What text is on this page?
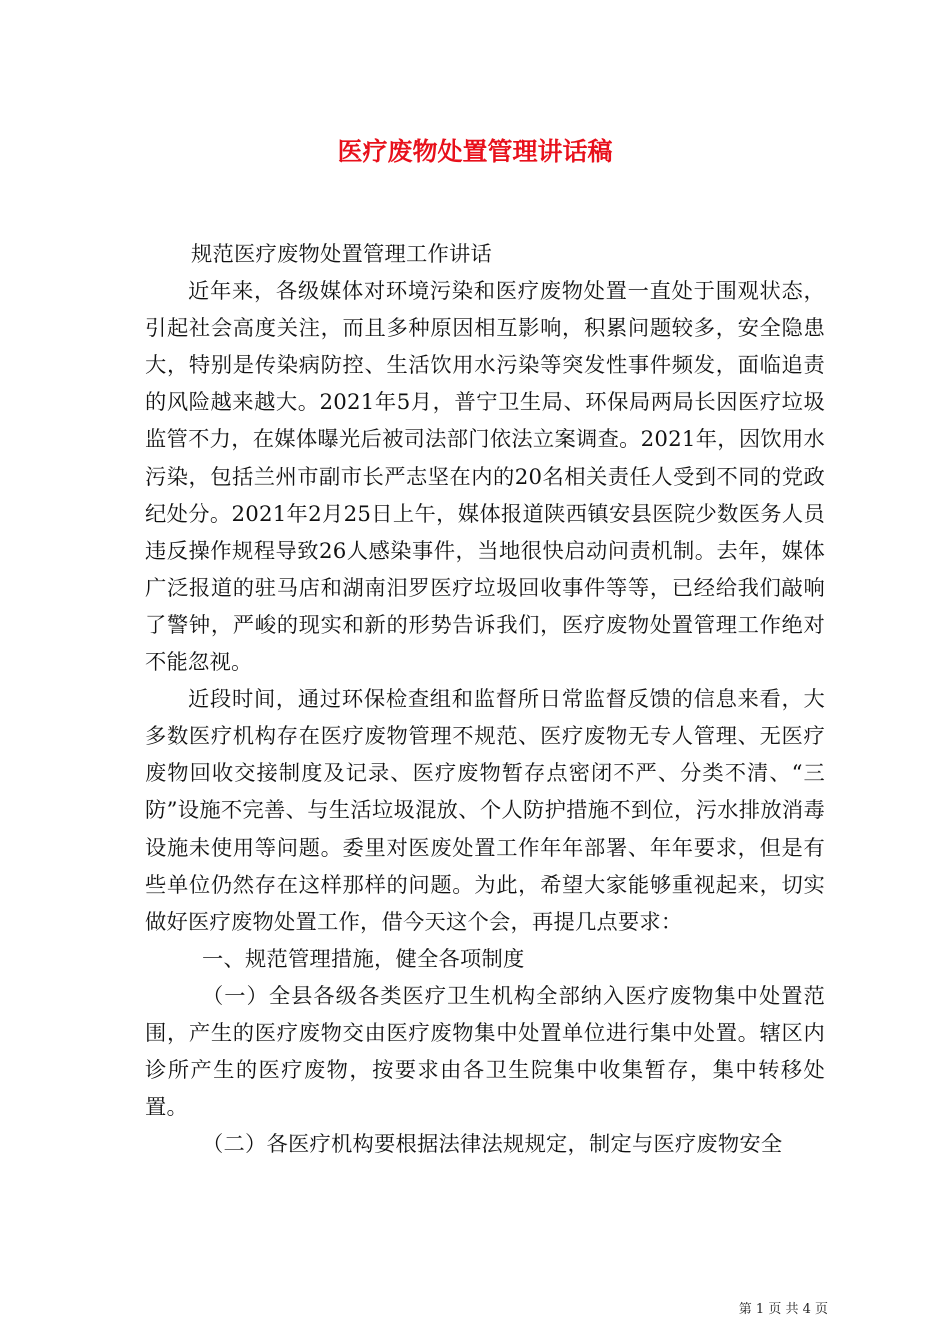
医疗废物处置管理讲话稿

规范医疗废物处置管理工作讲话

近年来，各级媒体对环境污染和医疗废物处置一直处于围观状态，引起社会高度关注，而且多种原因相互影响，积累问题较多，安全隐患大，特别是传染病防控、生活饮用水污染等突发性事件频发，面临追责的风险越来越大。2021年5月，普宁卫生局、环保局两局长因医疗垃圾监管不力，在媒体曝光后被司法部门依法立案调查。2021年，因饮用水污染，包括兰州市副市长严志坚在内的20名相关责任人受到不同的党政纪处分。2021年2月25日上午，媒体报道陕西镇安县医院少数医务人员违反操作规程导致26人感染事件，当地很快启动问责机制。去年，媒体广泛报道的驻马店和湖南汨罗医疗垃圾回收事件等等，已经给我们敲响了警钟，严峻的现实和新的形势告诉我们，医疗废物处置管理工作绝对不能忽视。

近段时间，通过环保检查组和监督所日常监督反馈的信息来看，大多数医疗机构存在医疗废物管理不规范、医疗废物无专人管理、无医疗废物回收交接制度及记录、医疗废物暂存点密闭不严、分类不清、“三防”设施不完善、与生活垃圾混放、个人防护措施不到位，污水排放消毒设施未使用等问题。委里对医废处置工作年年部署、年年要求，但是有些单位仍然存在这样那样的问题。为此，希望大家能够重视起来，切实做好医疗废物处置工作，借今天这个会，再提几点要求：

一、规范管理措施，健全各项制度

（一）全县各级各类医疗卫生机构全部纳入医疗废物集中处置范围，产生的医疗废物交由医疗废物集中处置单位进行集中处置。辖区内诊所产生的医疗废物，按要求由各卫生院集中收集暂存，集中转移处置。

（二）各医疗机构要根据法律法规规定，制定与医疗废物安全

第 1 页 共 4 页
